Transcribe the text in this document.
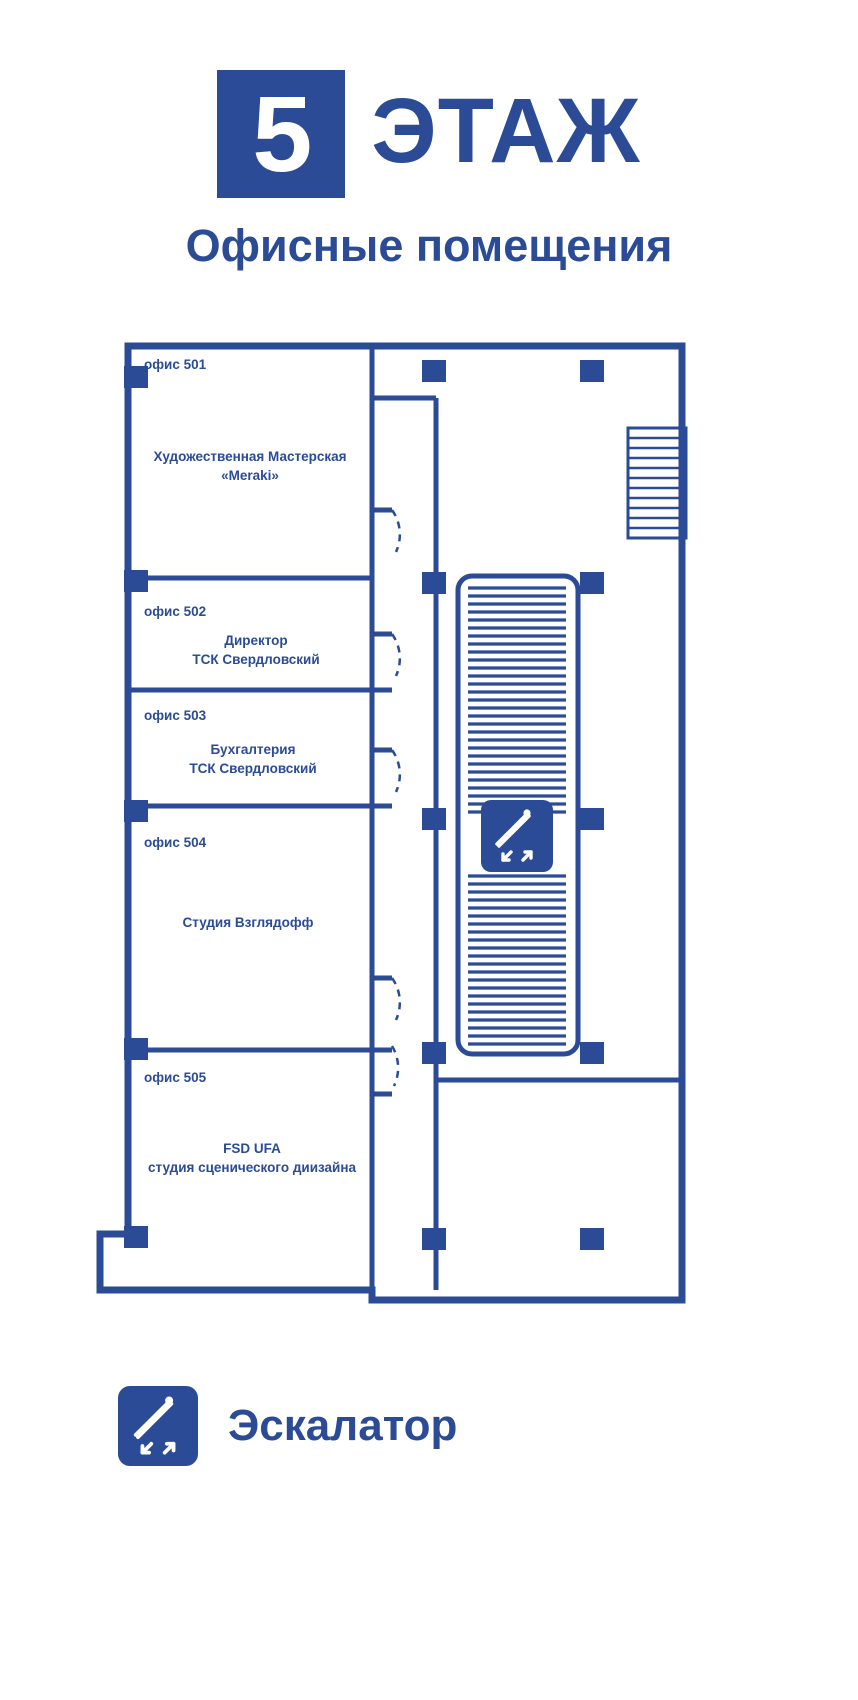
5 ЭТАЖ
Офисные помещения
офис 501
Художественная Мастерская
«Meraki»
офис 502
Директор
ТСК Свердловский
офис 503
Бухгалтерия
ТСК Свердловский
офис 504
Студия Взглядофф
офис 505
FSD UFA
студия сценического диизайна
Эскалатор
